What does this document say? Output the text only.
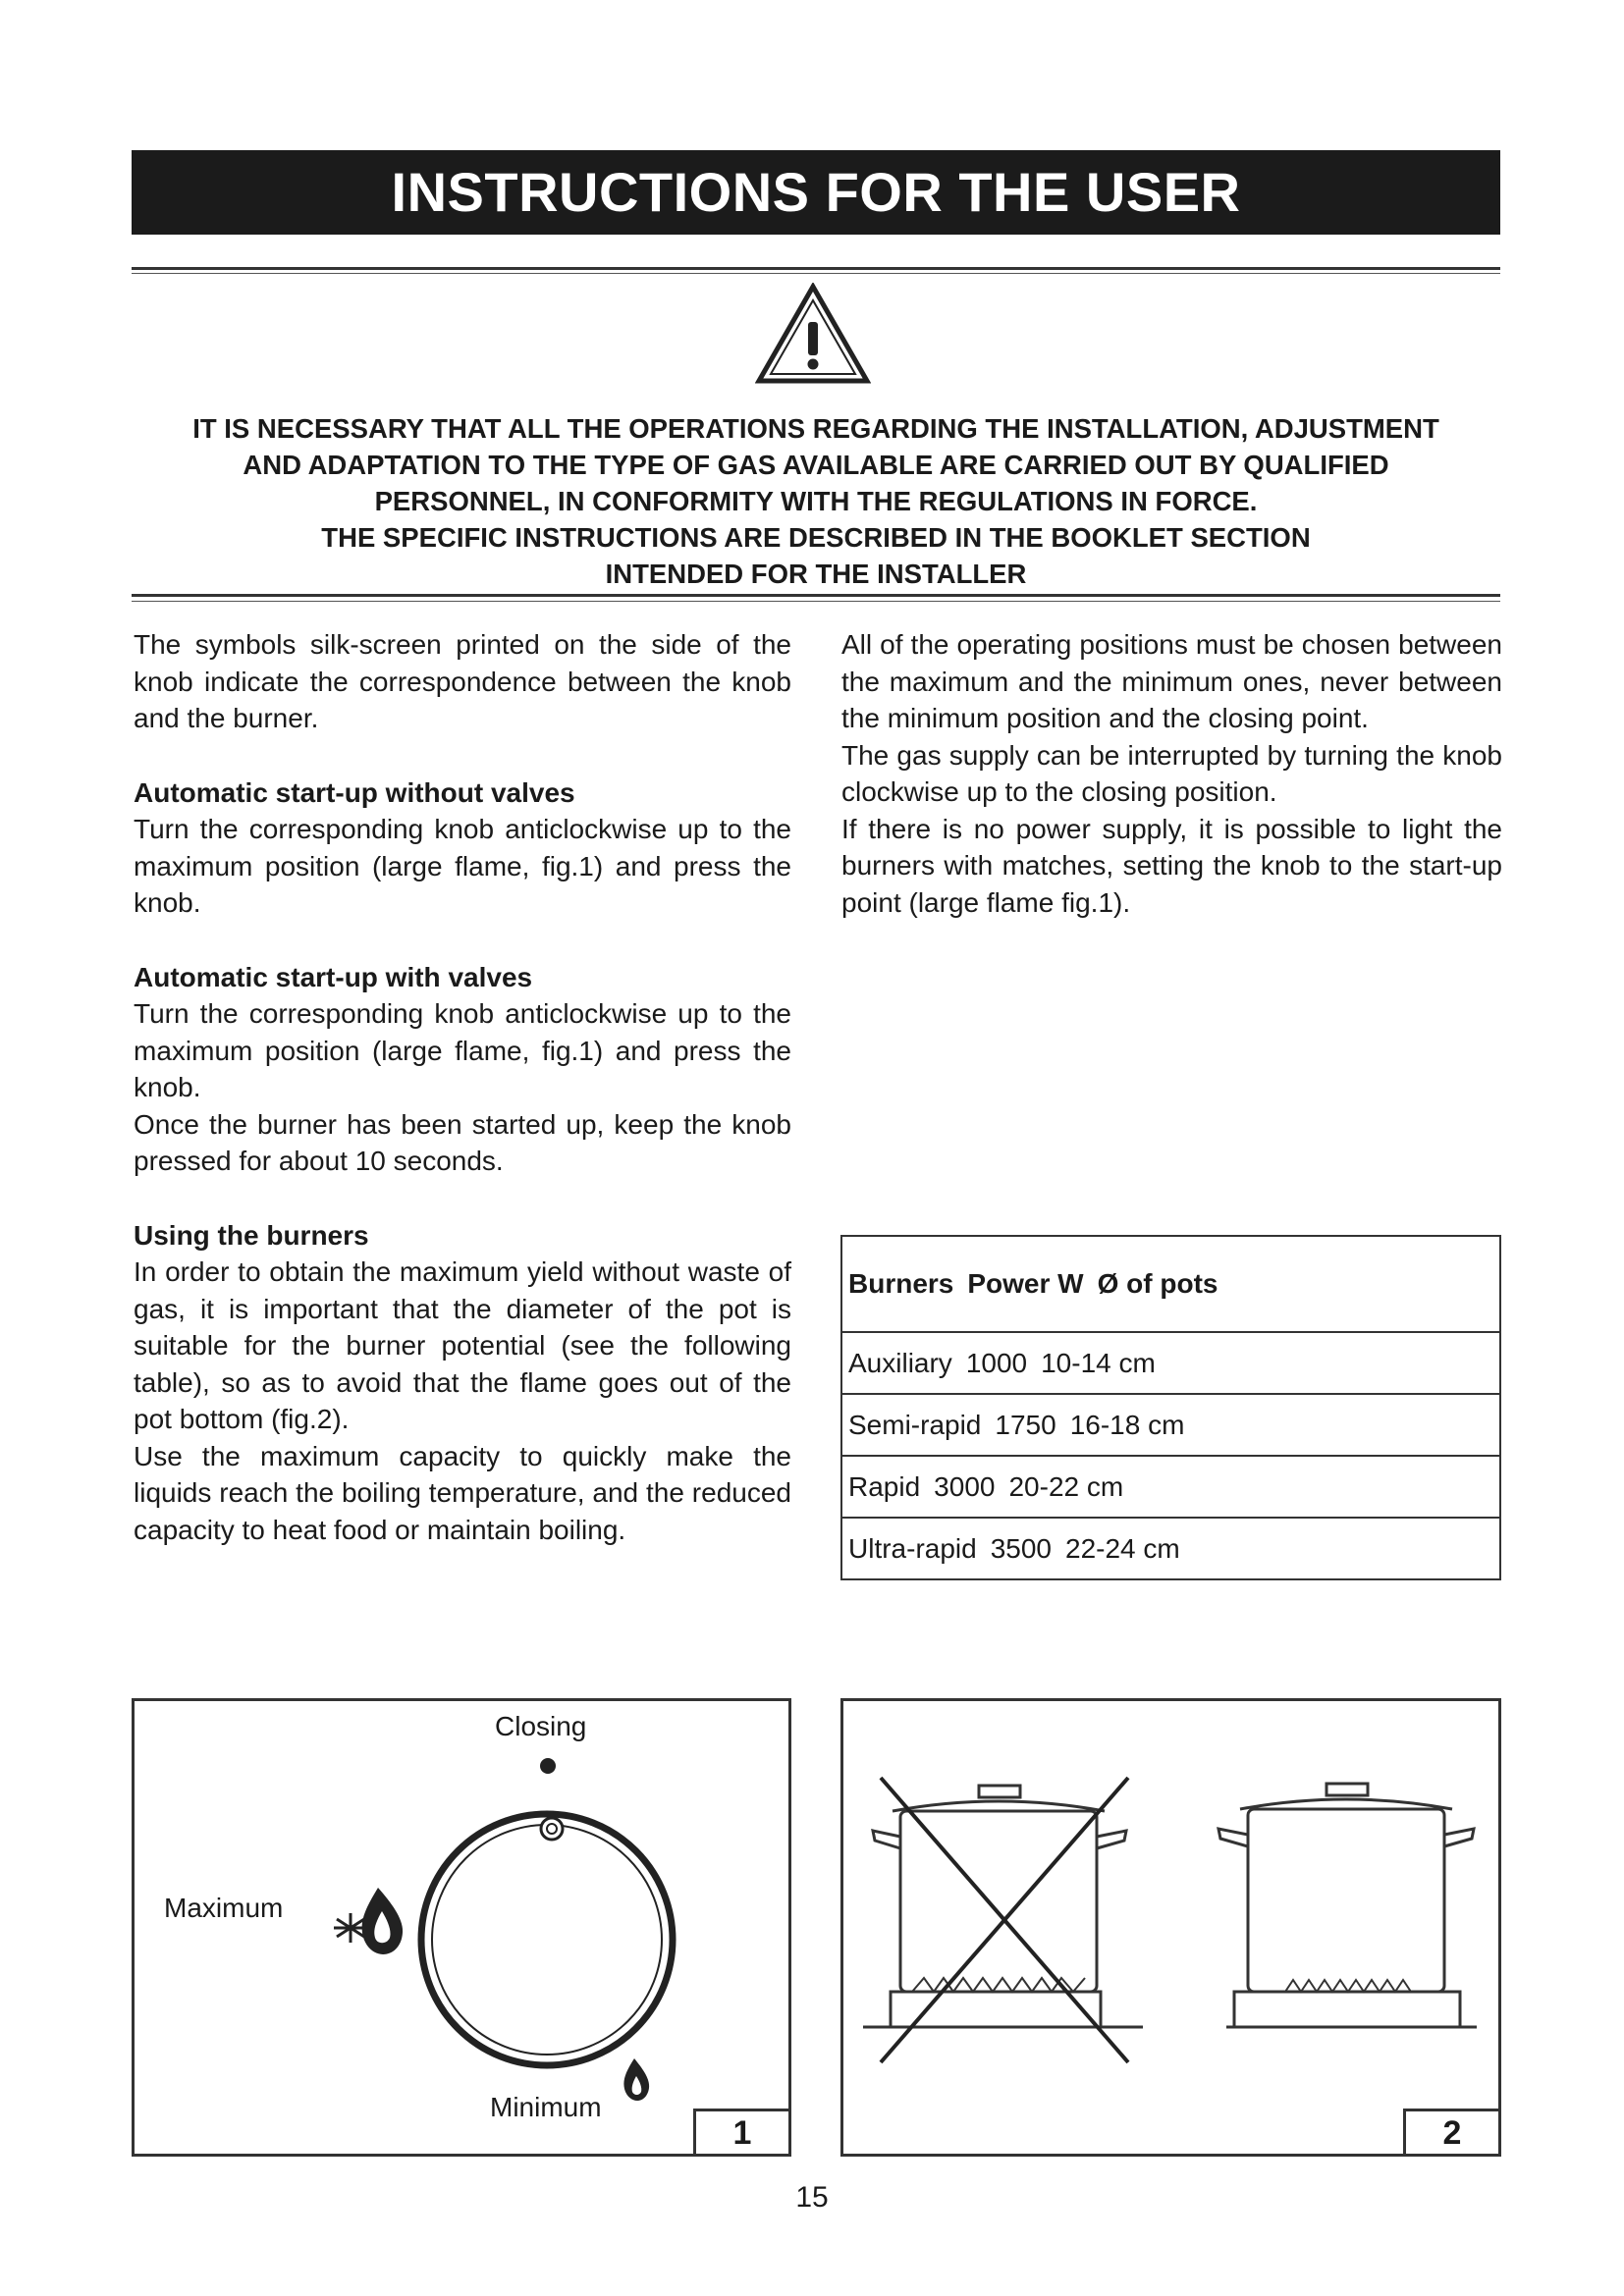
INSTRUCTIONS FOR THE USER
IT IS NECESSARY THAT ALL THE OPERATIONS REGARDING THE INSTALLATION, ADJUSTMENT
AND ADAPTATION TO THE TYPE OF GAS AVAILABLE ARE CARRIED OUT BY QUALIFIED
PERSONNEL, IN CONFORMITY WITH THE REGULATIONS IN FORCE.
THE SPECIFIC INSTRUCTIONS ARE DESCRIBED IN THE BOOKLET SECTION
INTENDED FOR THE INSTALLER

The symbols silk-screen printed on the side of the knob indicate the correspondence between the knob and the burner.

Automatic start-up without valves

Turn the corresponding knob anticlockwise up to the maximum position (large flame, fig.1) and press the knob.

Automatic start-up with valves

Turn the corresponding knob anticlockwise up to the maximum position (large flame, fig.1) and press the knob.

Once the burner has been started up, keep the knob pressed for about 10 seconds.

Using the burners

In order to obtain the maximum yield without waste of gas, it is important that the diameter of the pot is suitable for the burner potential (see the following table), so as to avoid that the flame goes out of the pot bottom (fig.2).

Use the maximum capacity to quickly make the liquids reach the boiling temperature, and the reduced capacity to heat food or maintain boiling.

All of the operating positions must be chosen between the maximum and the minimum ones, never between the minimum position and the closing point.

The gas supply can be interrupted by turning the knob clockwise up to the closing position.

If there is no power supply, it is possible to light the burners with matches, setting the knob to the start-up point (large flame fig.1).

Burners Power W Ø of pots
Auxiliary 1000 10-14 cm
Semi-rapid 1750 16-18 cm
Rapid 3000 20-22 cm
Ultra-rapid 3500 22-24 cm
Closing
Maximum
Minimum
1	2
15
